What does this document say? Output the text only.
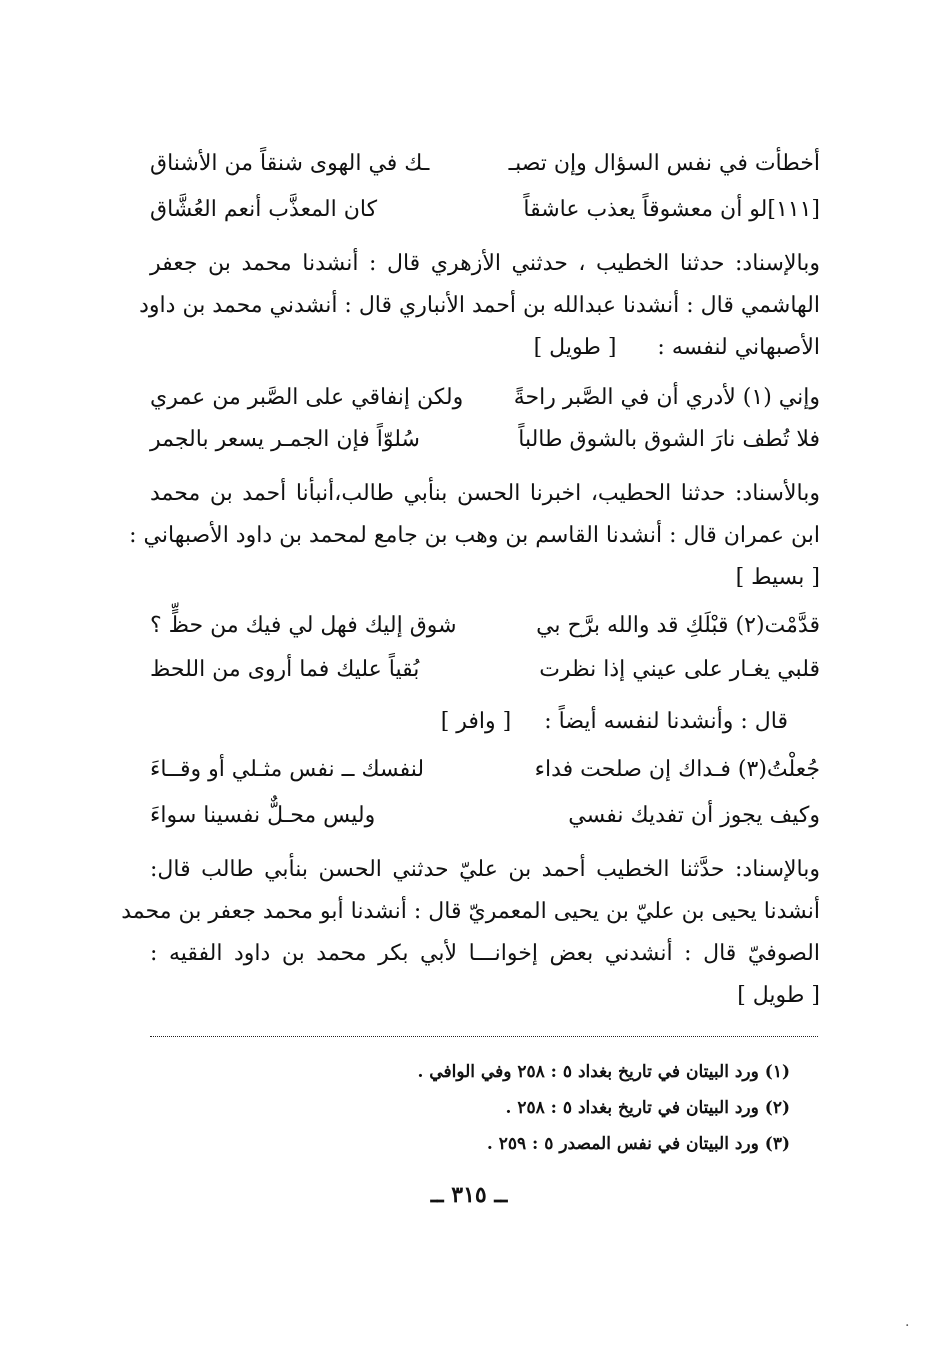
أخطأت في نفس السؤال وإن تصبـ
ـك في الهوى شنقاً من الأشناق
[١١١]لو أن معشوقاً يعذب عاشقاً
كان المعذَّب أنعم العُشَّاق
وبالإسناد: حدثنا الخطيب ، حدثني الأزهري قال : أنشدنا محمد بن جعفر
الهاشمي قال : أنشدنا عبدالله بن أحمد الأنباري قال : أنشدني محمد بن داود
الأصبهاني لنفسه : [ طويل ]
وإني (١) لأدري أن في الصَّبر راحةً
ولكن إنفاقي على الصَّبر من عمري
فلا تُطف نارَ الشوق بالشوق طالباً
سُلوّاً فإن الجمـر يسعر بالجمر
وبالأسناد: حدثنا الحطيب، اخبرنا الحسن بنأبي طالب،أنبأنا أحمد بن محمد
ابن عمران قال : أنشدنا القاسم بن وهب بن جامع لمحمد بن داود الأصبهاني :
[ بسيط ]
قدَّمْت(٢) قبْلَكِ قد والله برَّح بي
شوق إليك فهل لي فيك من حظٍّ ؟
قلبي يغـار على عيني إذا نظرت
بُقياً عليك فما أروى من اللحظ
قال : وأنشدنا لنفسه أيضاً : [ وافر ]
جُعلْتُ(٣) فـداك إن صلحت فداء
لنفسك ــ نفس مثـلي أو وقــاءَ
وكيف يجوز أن تفديك نفسي
وليس محـلٌّ نفسينا سواءَ
وبالإسناد: حدَّثنا الخطيب أحمد بن عليّ حدثني الحسن بنأبي طالب قال:
أنشدنا يحيى بن عليّ بن يحيى المعمريّ قال : أنشدنا أبو محمد جعفر بن محمد
الصوفيّ قال : أنشدني بعض إخوانـــا لأبي بكر محمد بن داود الفقيه :
[ طويل ]
(١) ورد البيتان في تاريخ بغداد ٥ : ٢٥٨ وفي الوافي .
(٢) ورد البيتان في تاريخ بغداد ٥ : ٢٥٨ .
(٣) ورد البيتان في نفس المصدر ٥ : ٢٥٩ .
ــ ٣١٥ ــ
·
